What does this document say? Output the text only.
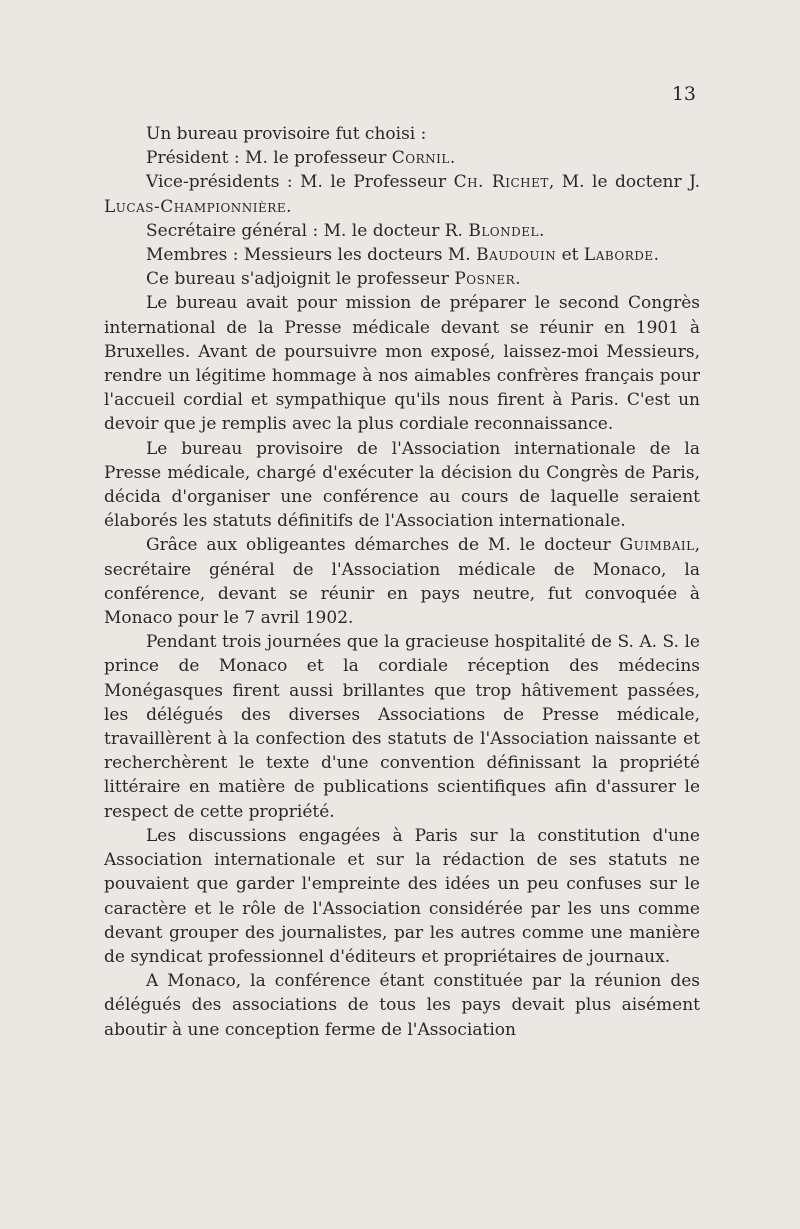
13

Un bureau provisoire fut choisi :

Président : M. le professeur Cornil.

Vice-présidents : M. le Professeur Ch. Richet, M. le doctenr J. Lucas-Championnière.

Secrétaire général : M. le docteur R. Blondel.

Membres : Messieurs les docteurs M. Baudouin et Laborde.

Ce bureau s'adjoignit le professeur Posner.

Le bureau avait pour mission de préparer le second Congrès international de la Presse médicale devant se réunir en 1901 à Bruxelles. Avant de poursuivre mon exposé, laissez-moi Messieurs, rendre un légitime hommage à nos aimables confrères français pour l'accueil cordial et sympathique qu'ils nous firent à Paris. C'est un devoir que je remplis avec la plus cordiale reconnaissance.

Le bureau provisoire de l'Association internationale de la Presse médicale, chargé d'exécuter la décision du Congrès de Paris, décida d'organiser une conférence au cours de laquelle seraient élaborés les statuts définitifs de l'Association internationale.

Grâce aux obligeantes démarches de M. le docteur Guimbail, secrétaire général de l'Association médicale de Monaco, la conférence, devant se réunir en pays neutre, fut convoquée à Monaco pour le 7 avril 1902.

Pendant trois journées que la gracieuse hospitalité de S. A. S. le prince de Monaco et la cordiale réception des médecins Monégasques firent aussi brillantes que trop hâtivement passées, les délégués des diverses Associations de Presse médicale, travaillèrent à la confection des statuts de l'Association naissante et recherchèrent le texte d'une convention définissant la propriété littéraire en matière de publications scientifiques afin d'assurer le respect de cette propriété.

Les discussions engagées à Paris sur la constitution d'une Association internationale et sur la rédaction de ses statuts ne pouvaient que garder l'empreinte des idées un peu confuses sur le caractère et le rôle de l'Association considérée par les uns comme devant grouper des journalistes, par les autres comme une manière de syndicat professionnel d'éditeurs et propriétaires de journaux.

A Monaco, la conférence étant constituée par la réunion des délégués des associations de tous les pays devait plus aisément aboutir à une conception ferme de l'Association
